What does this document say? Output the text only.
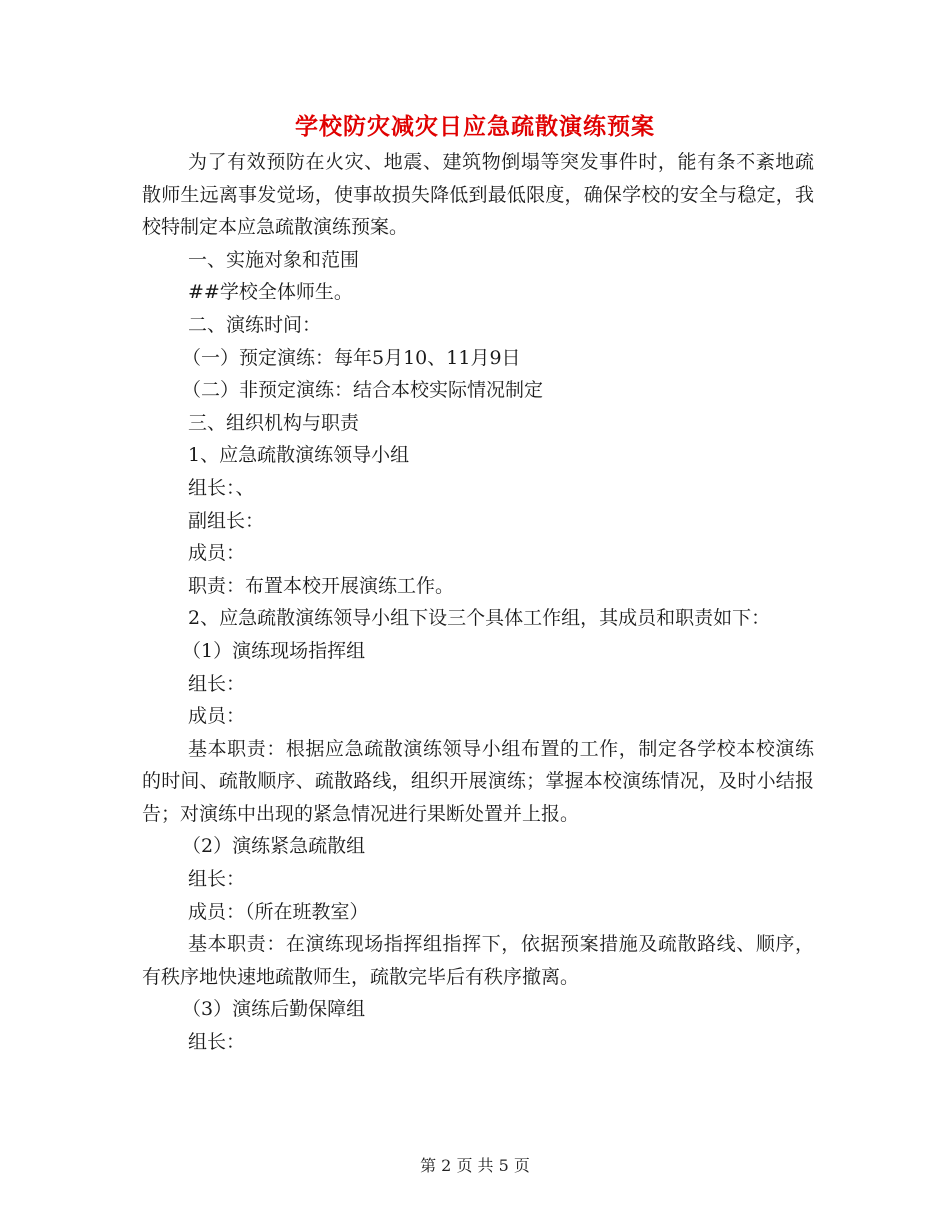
学校防灾减灾日应急疏散演练预案

为了有效预防在火灾、地震、建筑物倒塌等突发事件时，能有条不紊地疏散师生远离事发觉场，使事故损失降低到最低限度，确保学校的安全与稳定，我校特制定本应急疏散演练预案。

一、实施对象和范围

##学校全体师生。

二、演练时间：

（一）预定演练：每年5月10、11月9日

（二）非预定演练：结合本校实际情况制定

三、组织机构与职责

1、应急疏散演练领导小组

组长：、

副组长：

成员：

职责：布置本校开展演练工作。

2、应急疏散演练领导小组下设三个具体工作组，其成员和职责如下：

（1）演练现场指挥组

组长：

成员：

基本职责：根据应急疏散演练领导小组布置的工作，制定各学校本校演练的时间、疏散顺序、疏散路线，组织开展演练；掌握本校演练情况，及时小结报告；对演练中出现的紧急情况进行果断处置并上报。

（2）演练紧急疏散组

组长：

成员：（所在班教室）

基本职责：在演练现场指挥组指挥下，依据预案措施及疏散路线、顺序，有秩序地快速地疏散师生，疏散完毕后有秩序撤离。

（3）演练后勤保障组

组长：

第 2 页 共 5 页
